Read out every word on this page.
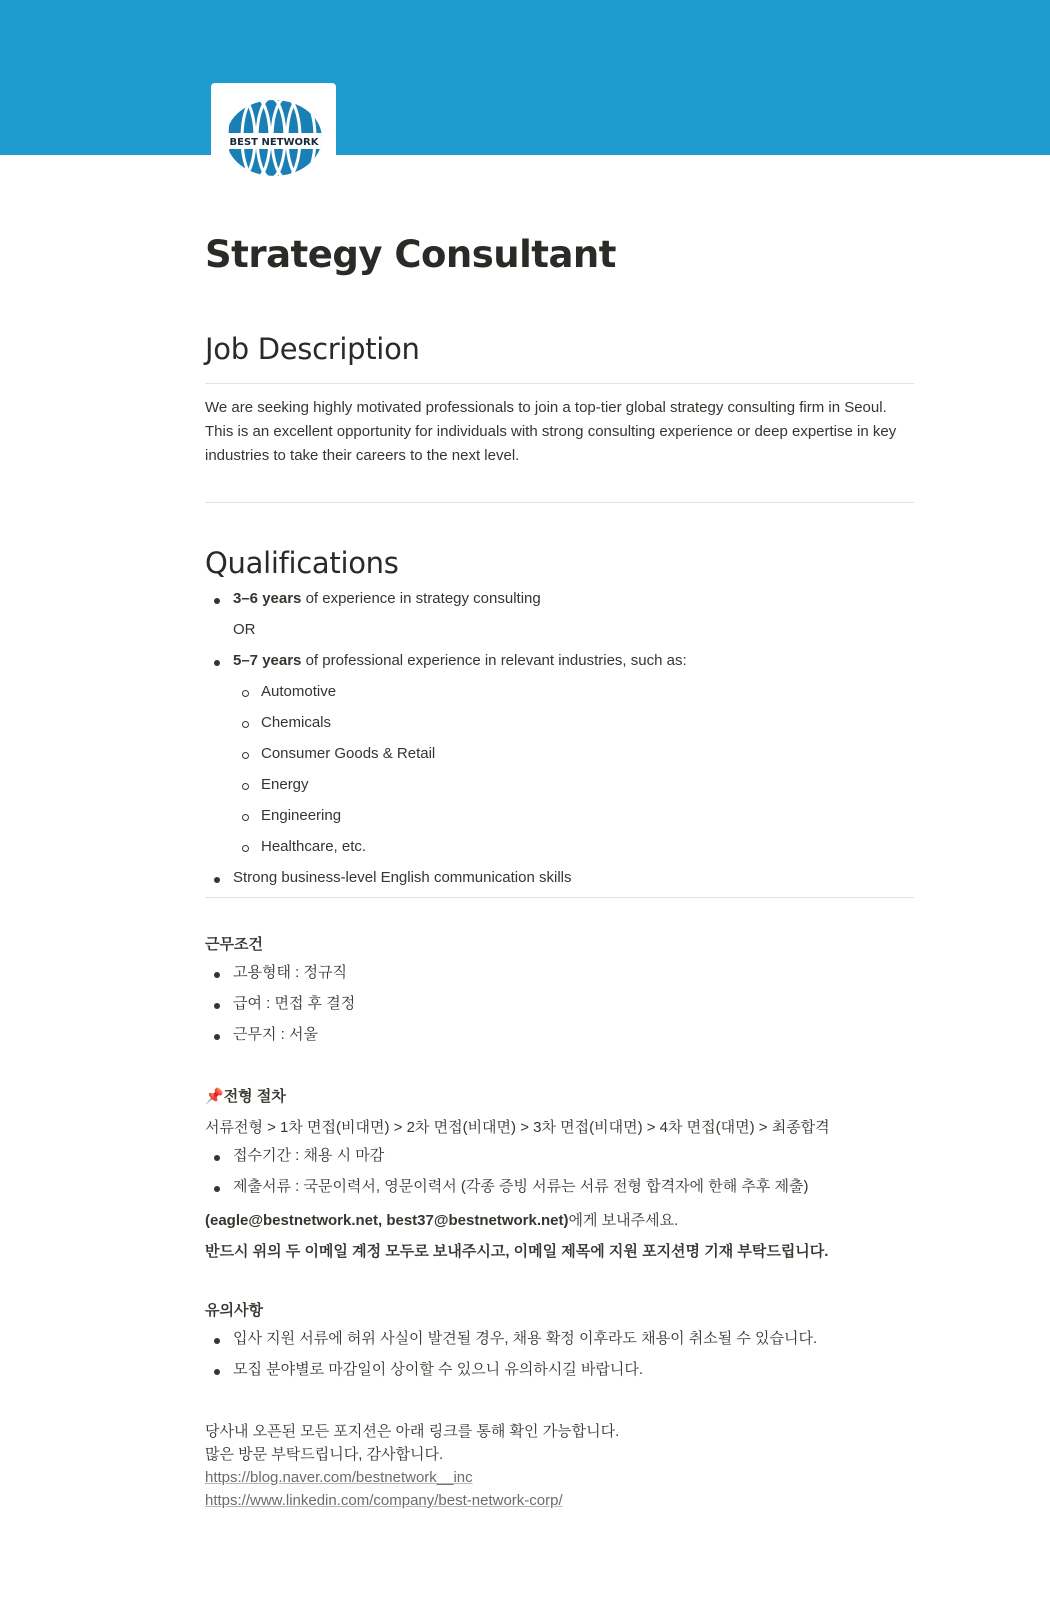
BEST NETWORK
Strategy Consultant
Job Description

We are seeking highly motivated professionals to join a top-tier global strategy consulting firm in Seoul. This is an excellent opportunity for individuals with strong consulting experience or deep expertise in key industries to take their careers to the next level.

Qualifications
3–6 years of experience in strategy consulting
OR
5–7 years of professional experience in relevant industries, such as:
Automotive
Chemicals
Consumer Goods & Retail
Energy
Engineering
Healthcare, etc.
Strong business-level English communication skills
근무조건
고용형태 : 정규직
급여 : 면접 후 결정
근무지 : 서울
📌전형 절차

서류전형 > 1차 면접(비대면) > 2차 면접(비대면) > 3차 면접(비대면) > 4차 면접(대면) > 최종합격

접수기간 : 채용 시 마감
제출서류 : 국문이력서, 영문이력서 (각종 증빙 서류는 서류 전형 합격자에 한해 추후 제출)

(eagle@bestnetwork.net, best37@bestnetwork.net)에게 보내주세요.

반드시 위의 두 이메일 계정 모두로 보내주시고, 이메일 제목에 지원 포지션명 기재 부탁드립니다.

유의사항
입사 지원 서류에 허위 사실이 발견될 경우, 채용 확정 이후라도 채용이 취소될 수 있습니다.
모집 분야별로 마감일이 상이할 수 있으니 유의하시길 바랍니다.

당사내 오픈된 모든 포지션은 아래 링크를 통해 확인 가능합니다.

많은 방문 부탁드립니다, 감사합니다.

https://blog.naver.com/bestnetwork__inc
https://www.linkedin.com/company/best-network-corp/
